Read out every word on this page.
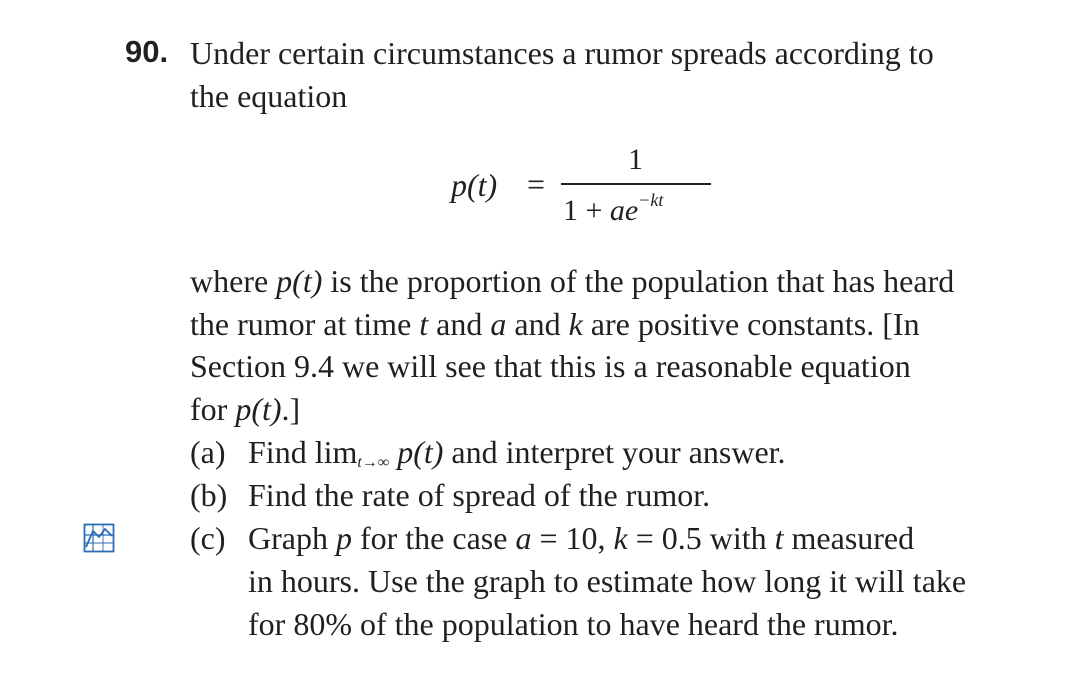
90. Under certain circumstances a rumor spreads according to
the equation
p(t) =
1
$1 + ae^{-kt}$
where p(t) is the proportion of the population that has heard
the rumor at time t and a and k are positive constants. [In
Section 9.4 we will see that this is a reasonable equation
for p(t).]
(a) Find limt→∞ p(t) and interpret your answer.
(b) Find the rate of spread of the rumor.
(c) Graph p for the case a = 10, k = 0.5 with t measured
in hours. Use the graph to estimate how long it will take
for 80% of the population to have heard the rumor.
